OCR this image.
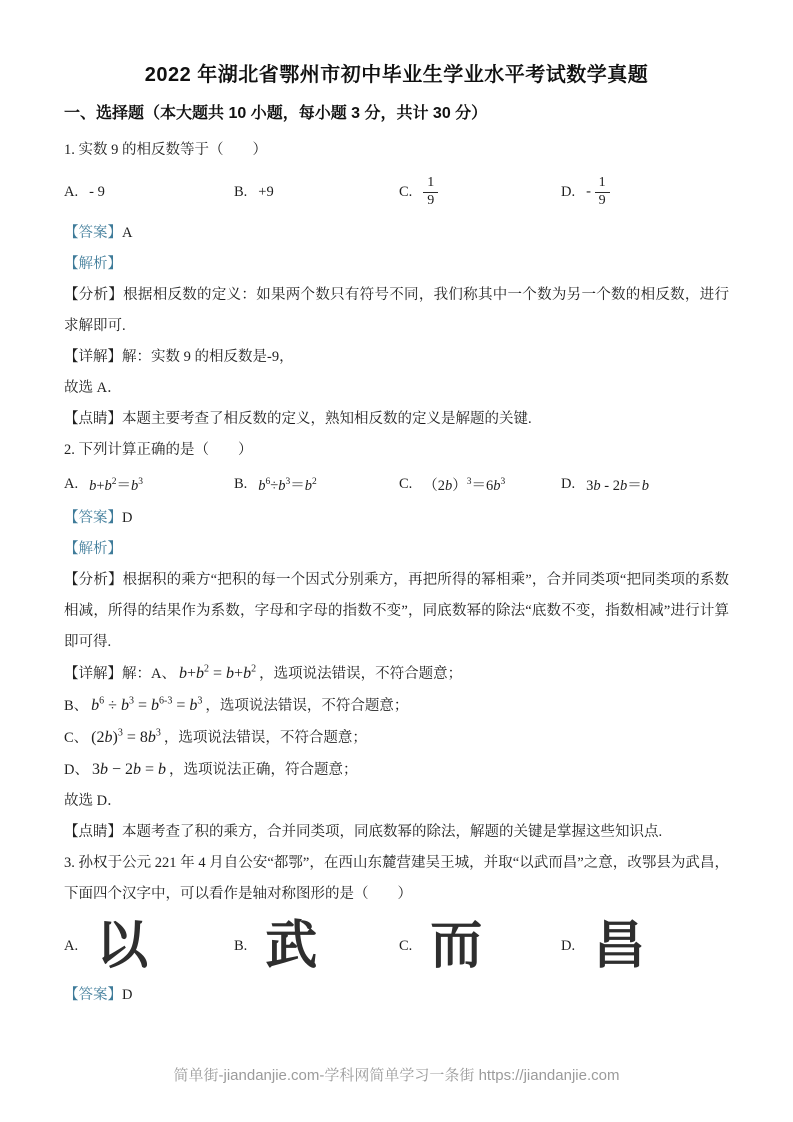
2022 年湖北省鄂州市初中毕业生学业水平考试数学真题
一、选择题（本大题共 10 小题，每小题 3 分，共计 30 分）

1. 实数 9 的相反数等于（　　）

A. - 9	B. +9	C. $\frac{1}{9}$	D. - $\frac{1}{9}$

【答案】A

【解析】

【分析】根据相反数的定义：如果两个数只有符号不同，我们称其中一个数为另一个数的相反数，进行求解即可.

【详解】解：实数 9 的相反数是-9，

故选 A．

【点睛】本题主要考查了相反数的定义，熟知相反数的定义是解题的关键.

2. 下列计算正确的是（　　）

A. $b+b^2=b^3$	B. $b^6\div b^3=b^2$	C. $(2b)^3=6b^3$	D. 3b - 2b＝b

【答案】D

【解析】

【分析】根据积的乘方“把积的每一个因式分别乘方，再把所得的幂相乘”，合并同类项“把同类项的系数相减，所得的结果作为系数，字母和字母的指数不变”，同底数幂的除法“底数不变，指数相减”进行计算即可得.

【详解】解：A、 $b+b^2 = b+b^2$ ，选项说法错误，不符合题意；

B、 $b^6 \div b^3 = b^{6-3} = b^3$ ，选项说法错误，不符合题意；

C、 $(2b)^3 = 8b^3$ ，选项说法错误，不符合题意；

D、 3b − 2b = b ，选项说法正确，符合题意；

故选 D．

【点睛】本题考查了积的乘方，合并同类项，同底数幂的除法，解题的关键是掌握这些知识点.

3. 孙权于公元 221 年 4 月自公安“都鄂”，在西山东麓营建吴王城，并取“以武而昌”之意，改鄂县为武昌，下面四个汉字中，可以看作是轴对称图形的是（　　）

A. 以	B. 武	C. 而	D. 昌

【答案】D

简单街-jiandanjie.com-学科网简单学习一条街 https://jiandanjie.com
